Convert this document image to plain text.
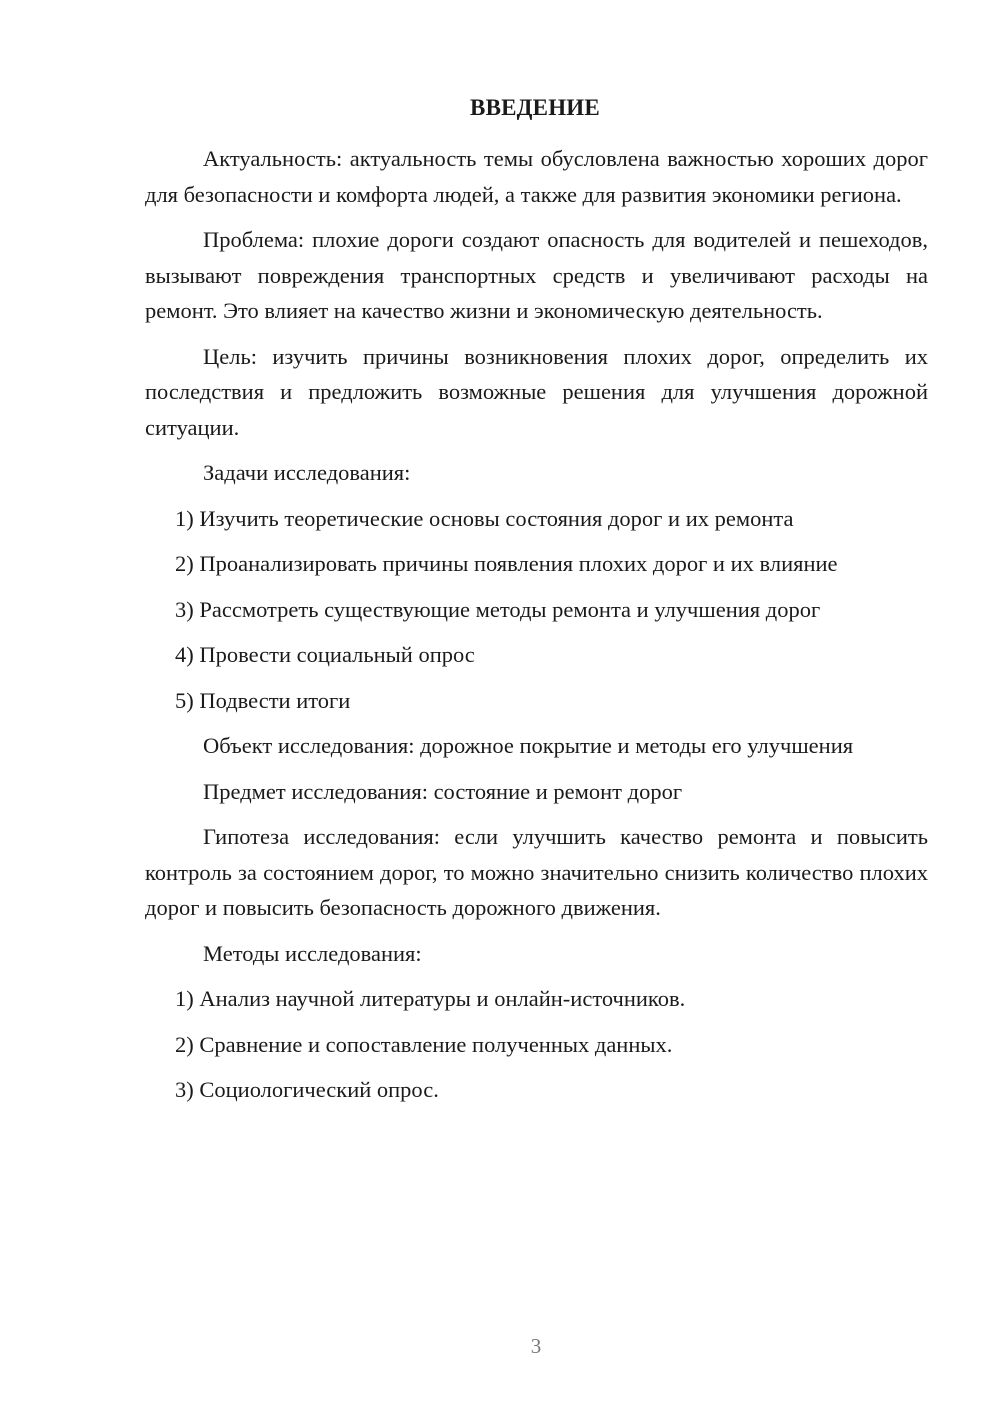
ВВЕДЕНИЕ

Актуальность: актуальность темы обусловлена важностью хороших дорог для безопасности и комфорта людей, а также для развития экономики региона.

Проблема: плохие дороги создают опасность для водителей и пешеходов, вызывают повреждения транспортных средств и увеличивают расходы на ремонт. Это влияет на качество жизни и экономическую деятельность.

Цель: изучить причины возникновения плохих дорог, определить их последствия и предложить возможные решения для улучшения дорожной ситуации.

Задачи исследования:

1) Изучить теоретические основы состояния дорог и их ремонта

2) Проанализировать причины появления плохих дорог и их влияние

3) Рассмотреть существующие методы ремонта и улучшения дорог

4) Провести социальный опрос

5) Подвести итоги

Объект исследования: дорожное покрытие и методы его улучшения

Предмет исследования: состояние и ремонт дорог

Гипотеза исследования: если улучшить качество ремонта и повысить контроль за состоянием дорог, то можно значительно снизить количество плохих дорог и повысить безопасность дорожного движения.

Методы исследования:

1) Анализ научной литературы и онлайн-источников.

2) Сравнение и сопоставление полученных данных.

3) Социологический опрос.

3
